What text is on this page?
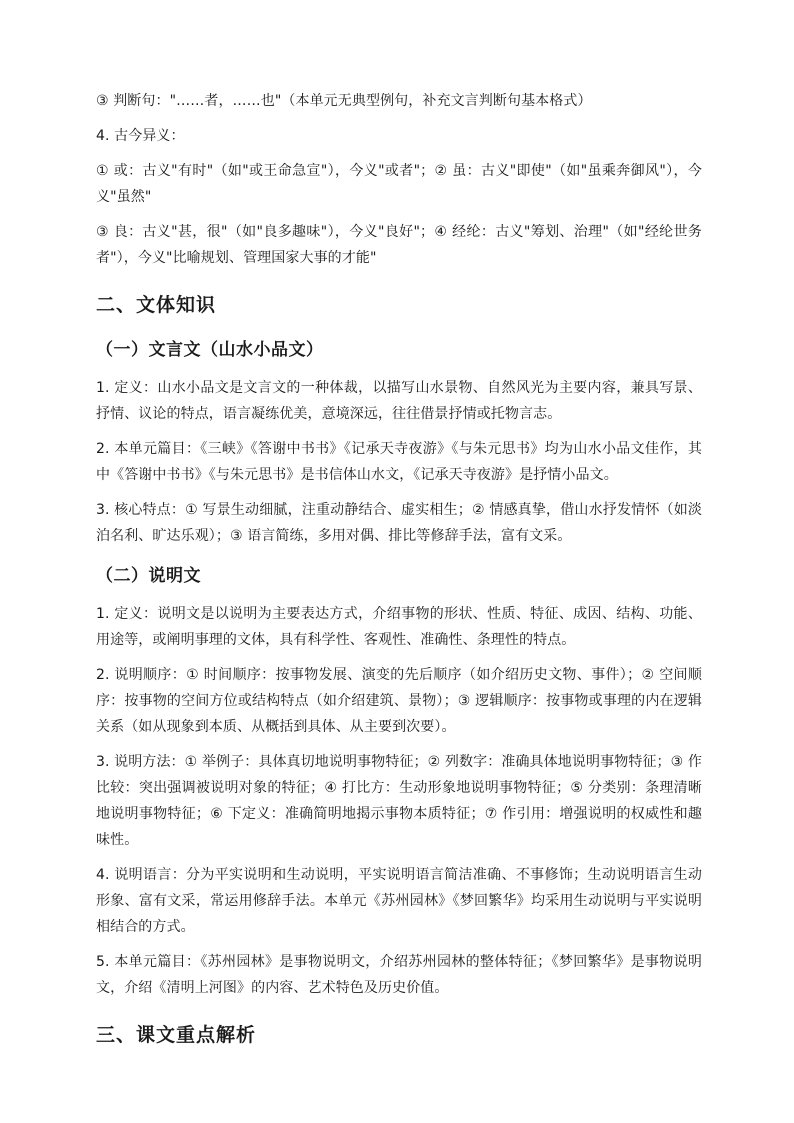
③ 判断句："……者，……也"（本单元无典型例句，补充文言判断句基本格式）

4. 古今异义：

① 或：古义"有时"（如"或王命急宣"），今义"或者"；② 虽：古义"即使"（如"虽乘奔御风"），今义"虽然"

③ 良：古义"甚，很"（如"良多趣味"），今义"良好"；④ 经纶：古义"筹划、治理"（如"经纶世务者"），今义"比喻规划、管理国家大事的才能"

二、文体知识
（一）文言文（山水小品文）

1. 定义：山水小品文是文言文的一种体裁，以描写山水景物、自然风光为主要内容，兼具写景、抒情、议论的特点，语言凝练优美，意境深远，往往借景抒情或托物言志。

2. 本单元篇目：《三峡》《答谢中书书》《记承天寺夜游》《与朱元思书》均为山水小品文佳作，其中《答谢中书书》《与朱元思书》是书信体山水文，《记承天寺夜游》是抒情小品文。

3. 核心特点：① 写景生动细腻，注重动静结合、虚实相生；② 情感真挚，借山水抒发情怀（如淡泊名利、旷达乐观）；③ 语言简练，多用对偶、排比等修辞手法，富有文采。

（二）说明文

1. 定义：说明文是以说明为主要表达方式，介绍事物的形状、性质、特征、成因、结构、功能、用途等，或阐明事理的文体，具有科学性、客观性、准确性、条理性的特点。

2. 说明顺序：① 时间顺序：按事物发展、演变的先后顺序（如介绍历史文物、事件）；② 空间顺序：按事物的空间方位或结构特点（如介绍建筑、景物）；③ 逻辑顺序：按事物或事理的内在逻辑关系（如从现象到本质、从概括到具体、从主要到次要）。

3. 说明方法：① 举例子：具体真切地说明事物特征；② 列数字：准确具体地说明事物特征；③ 作比较：突出强调被说明对象的特征；④ 打比方：生动形象地说明事物特征；⑤ 分类别：条理清晰地说明事物特征；⑥ 下定义：准确简明地揭示事物本质特征；⑦ 作引用：增强说明的权威性和趣味性。

4. 说明语言：分为平实说明和生动说明，平实说明语言简洁准确、不事修饰；生动说明语言生动形象、富有文采，常运用修辞手法。本单元《苏州园林》《梦回繁华》均采用生动说明与平实说明相结合的方式。

5. 本单元篇目：《苏州园林》是事物说明文，介绍苏州园林的整体特征；《梦回繁华》是事物说明文，介绍《清明上河图》的内容、艺术特色及历史价值。

三、课文重点解析
